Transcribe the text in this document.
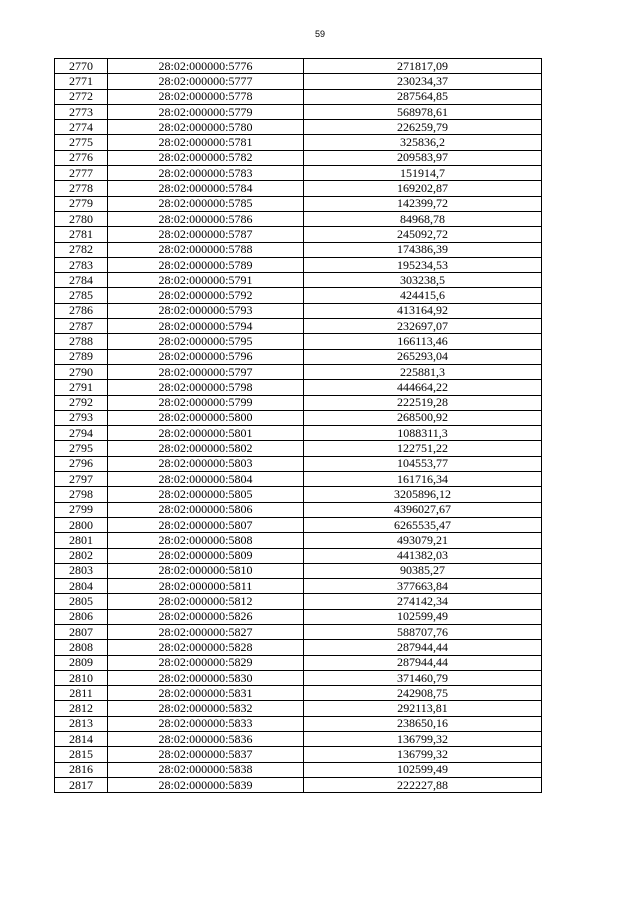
59
2770	28:02:000000:5776	271817,09
2771	28:02:000000:5777	230234,37
2772	28:02:000000:5778	287564,85
2773	28:02:000000:5779	568978,61
2774	28:02:000000:5780	226259,79
2775	28:02:000000:5781	325836,2
2776	28:02:000000:5782	209583,97
2777	28:02:000000:5783	151914,7
2778	28:02:000000:5784	169202,87
2779	28:02:000000:5785	142399,72
2780	28:02:000000:5786	84968,78
2781	28:02:000000:5787	245092,72
2782	28:02:000000:5788	174386,39
2783	28:02:000000:5789	195234,53
2784	28:02:000000:5791	303238,5
2785	28:02:000000:5792	424415,6
2786	28:02:000000:5793	413164,92
2787	28:02:000000:5794	232697,07
2788	28:02:000000:5795	166113,46
2789	28:02:000000:5796	265293,04
2790	28:02:000000:5797	225881,3
2791	28:02:000000:5798	444664,22
2792	28:02:000000:5799	222519,28
2793	28:02:000000:5800	268500,92
2794	28:02:000000:5801	1088311,3
2795	28:02:000000:5802	122751,22
2796	28:02:000000:5803	104553,77
2797	28:02:000000:5804	161716,34
2798	28:02:000000:5805	3205896,12
2799	28:02:000000:5806	4396027,67
2800	28:02:000000:5807	6265535,47
2801	28:02:000000:5808	493079,21
2802	28:02:000000:5809	441382,03
2803	28:02:000000:5810	90385,27
2804	28:02:000000:5811	377663,84
2805	28:02:000000:5812	274142,34
2806	28:02:000000:5826	102599,49
2807	28:02:000000:5827	588707,76
2808	28:02:000000:5828	287944,44
2809	28:02:000000:5829	287944,44
2810	28:02:000000:5830	371460,79
2811	28:02:000000:5831	242908,75
2812	28:02:000000:5832	292113,81
2813	28:02:000000:5833	238650,16
2814	28:02:000000:5836	136799,32
2815	28:02:000000:5837	136799,32
2816	28:02:000000:5838	102599,49
2817	28:02:000000:5839	222227,88
